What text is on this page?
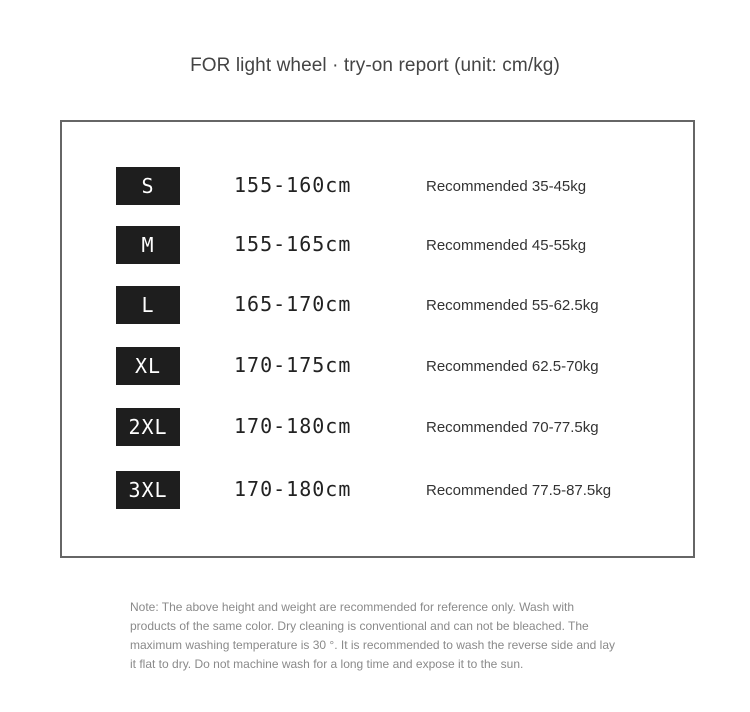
FOR light wheel · try-on report (unit: cm/kg)
S	155-160cm	Recommended 35-45kg
M	155-165cm	Recommended 45-55kg
L	165-170cm	Recommended 55-62.5kg
XL	170-175cm	Recommended 62.5-70kg
2XL	170-180cm	Recommended 70-77.5kg
3XL	170-180cm	Recommended 77.5-87.5kg
Note: The above height and weight are recommended for reference only. Wash with products of the same color. Dry cleaning is conventional and can not be bleached. The maximum washing temperature is 30 °. It is recommended to wash the reverse side and lay it flat to dry. Do not machine wash for a long time and expose it to the sun.
